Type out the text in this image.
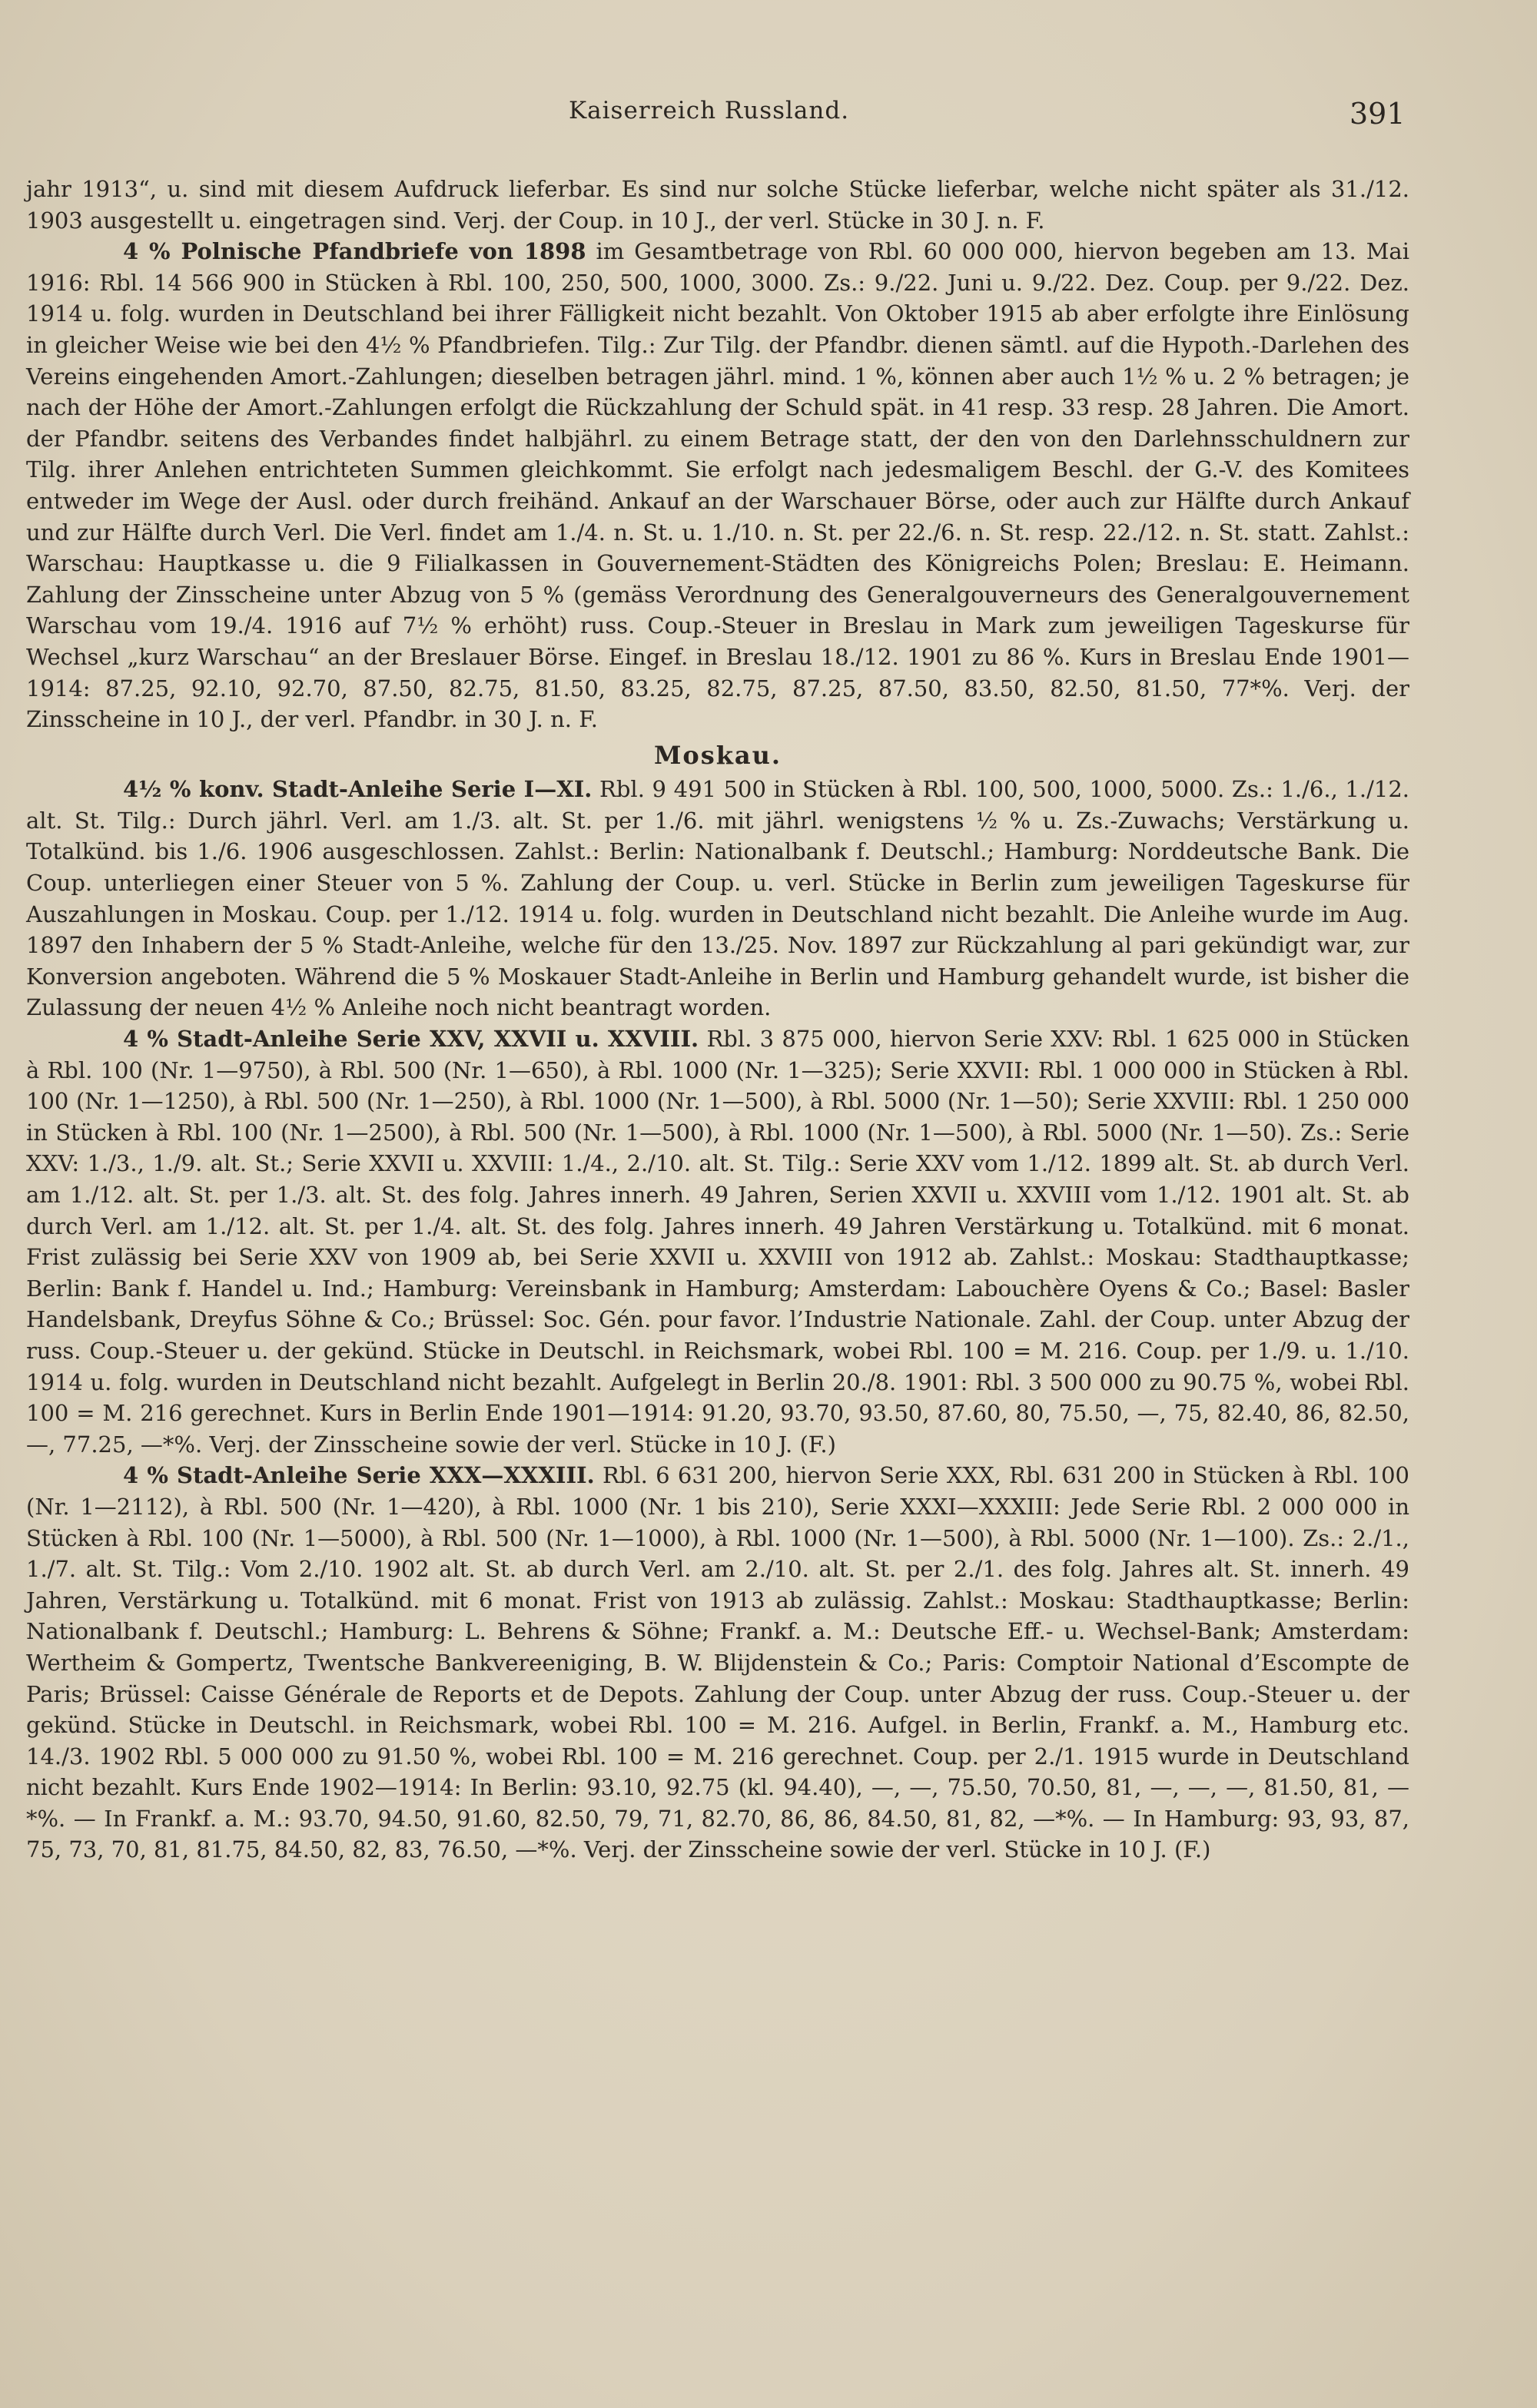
Kaiserreich Russland.	391

jahr 1913“, u. sind mit diesem Aufdruck lieferbar. Es sind nur solche Stücke lieferbar, welche nicht später als 31./12. 1903 ausgestellt u. eingetragen sind. Verj. der Coup. in 10 J., der verl. Stücke in 30 J. n. F.

4 % Polnische Pfandbriefe von 1898 im Gesamtbetrage von Rbl. 60 000 000, hiervon begeben am 13. Mai 1916: Rbl. 14 566 900 in Stücken à Rbl. 100, 250, 500, 1000, 3000. Zs.: 9./22. Juni u. 9./22. Dez. Coup. per 9./22. Dez. 1914 u. folg. wurden in Deutschland bei ihrer Fälligkeit nicht bezahlt. Von Oktober 1915 ab aber erfolgte ihre Einlösung in gleicher Weise wie bei den 4½ % Pfandbriefen. Tilg.: Zur Tilg. der Pfandbr. dienen sämtl. auf die Hypoth.-Darlehen des Vereins eingehenden Amort.-Zahlungen; dieselben betragen jährl. mind. 1 %, können aber auch 1½ % u. 2 % betragen; je nach der Höhe der Amort.-Zahlungen erfolgt die Rückzahlung der Schuld spät. in 41 resp. 33 resp. 28 Jahren. Die Amort. der Pfandbr. seitens des Verbandes findet halbjährl. zu einem Betrage statt, der den von den Darlehnsschuldnern zur Tilg. ihrer Anlehen entrichteten Summen gleichkommt. Sie erfolgt nach jedesmaligem Beschl. der G.-V. des Komitees entweder im Wege der Ausl. oder durch freihänd. Ankauf an der Warschauer Börse, oder auch zur Hälfte durch Ankauf und zur Hälfte durch Verl. Die Verl. findet am 1./4. n. St. u. 1./10. n. St. per 22./6. n. St. resp. 22./12. n. St. statt. Zahlst.: Warschau: Hauptkasse u. die 9 Filialkassen in Gouvernement-Städten des Königreichs Polen; Breslau: E. Heimann. Zahlung der Zinsscheine unter Abzug von 5 % (gemäss Verordnung des Generalgouverneurs des Generalgouvernement Warschau vom 19./4. 1916 auf 7½ % erhöht) russ. Coup.-Steuer in Breslau in Mark zum jeweiligen Tageskurse für Wechsel „kurz Warschau“ an der Breslauer Börse. Eingef. in Breslau 18./12. 1901 zu 86 %. Kurs in Breslau Ende 1901—1914: 87.25, 92.10, 92.70, 87.50, 82.75, 81.50, 83.25, 82.75, 87.25, 87.50, 83.50, 82.50, 81.50, 77*%. Verj. der Zinsscheine in 10 J., der verl. Pfandbr. in 30 J. n. F.

Moskau.

4½ % konv. Stadt-Anleihe Serie I—XI. Rbl. 9 491 500 in Stücken à Rbl. 100, 500, 1000, 5000. Zs.: 1./6., 1./12. alt. St. Tilg.: Durch jährl. Verl. am 1./3. alt. St. per 1./6. mit jährl. wenigstens ½ % u. Zs.-Zuwachs; Verstärkung u. Totalkünd. bis 1./6. 1906 ausgeschlossen. Zahlst.: Berlin: Nationalbank f. Deutschl.; Hamburg: Norddeutsche Bank. Die Coup. unterliegen einer Steuer von 5 %. Zahlung der Coup. u. verl. Stücke in Berlin zum jeweiligen Tageskurse für Auszahlungen in Moskau. Coup. per 1./12. 1914 u. folg. wurden in Deutschland nicht bezahlt. Die Anleihe wurde im Aug. 1897 den Inhabern der 5 % Stadt-Anleihe, welche für den 13./25. Nov. 1897 zur Rückzahlung al pari gekündigt war, zur Konversion angeboten. Während die 5 % Moskauer Stadt-Anleihe in Berlin und Hamburg gehandelt wurde, ist bisher die Zulassung der neuen 4½ % Anleihe noch nicht beantragt worden.

4 % Stadt-Anleihe Serie XXV, XXVII u. XXVIII. Rbl. 3 875 000, hiervon Serie XXV: Rbl. 1 625 000 in Stücken à Rbl. 100 (Nr. 1—9750), à Rbl. 500 (Nr. 1—650), à Rbl. 1000 (Nr. 1—325); Serie XXVII: Rbl. 1 000 000 in Stücken à Rbl. 100 (Nr. 1—1250), à Rbl. 500 (Nr. 1—250), à Rbl. 1000 (Nr. 1—500), à Rbl. 5000 (Nr. 1—50); Serie XXVIII: Rbl. 1 250 000 in Stücken à Rbl. 100 (Nr. 1—2500), à Rbl. 500 (Nr. 1—500), à Rbl. 1000 (Nr. 1—500), à Rbl. 5000 (Nr. 1—50). Zs.: Serie XXV: 1./3., 1./9. alt. St.; Serie XXVII u. XXVIII: 1./4., 2./10. alt. St. Tilg.: Serie XXV vom 1./12. 1899 alt. St. ab durch Verl. am 1./12. alt. St. per 1./3. alt. St. des folg. Jahres innerh. 49 Jahren, Serien XXVII u. XXVIII vom 1./12. 1901 alt. St. ab durch Verl. am 1./12. alt. St. per 1./4. alt. St. des folg. Jahres innerh. 49 Jahren Verstärkung u. Totalkünd. mit 6 monat. Frist zulässig bei Serie XXV von 1909 ab, bei Serie XXVII u. XXVIII von 1912 ab. Zahlst.: Moskau: Stadthauptkasse; Berlin: Bank f. Handel u. Ind.; Hamburg: Vereinsbank in Hamburg; Amsterdam: Labouchère Oyens & Co.; Basel: Basler Handelsbank, Dreyfus Söhne & Co.; Brüssel: Soc. Gén. pour favor. l’Industrie Nationale. Zahl. der Coup. unter Abzug der russ. Coup.-Steuer u. der gekünd. Stücke in Deutschl. in Reichsmark, wobei Rbl. 100 = M. 216. Coup. per 1./9. u. 1./10. 1914 u. folg. wurden in Deutschland nicht bezahlt. Aufgelegt in Berlin 20./8. 1901: Rbl. 3 500 000 zu 90.75 %, wobei Rbl. 100 = M. 216 gerechnet. Kurs in Berlin Ende 1901—1914: 91.20, 93.70, 93.50, 87.60, 80, 75.50, —, 75, 82.40, 86, 82.50, —, 77.25, —*%. Verj. der Zinsscheine sowie der verl. Stücke in 10 J. (F.)

4 % Stadt-Anleihe Serie XXX—XXXIII. Rbl. 6 631 200, hiervon Serie XXX, Rbl. 631 200 in Stücken à Rbl. 100 (Nr. 1—2112), à Rbl. 500 (Nr. 1—420), à Rbl. 1000 (Nr. 1 bis 210), Serie XXXI—XXXIII: Jede Serie Rbl. 2 000 000 in Stücken à Rbl. 100 (Nr. 1—5000), à Rbl. 500 (Nr. 1—1000), à Rbl. 1000 (Nr. 1—500), à Rbl. 5000 (Nr. 1—100). Zs.: 2./1., 1./7. alt. St. Tilg.: Vom 2./10. 1902 alt. St. ab durch Verl. am 2./10. alt. St. per 2./1. des folg. Jahres alt. St. innerh. 49 Jahren, Verstärkung u. Totalkünd. mit 6 monat. Frist von 1913 ab zulässig. Zahlst.: Moskau: Stadthauptkasse; Berlin: Nationalbank f. Deutschl.; Hamburg: L. Behrens & Söhne; Frankf. a. M.: Deutsche Eff.- u. Wechsel-Bank; Amsterdam: Wertheim & Gompertz, Twentsche Bankvereeniging, B. W. Blijdenstein & Co.; Paris: Comptoir National d’Escompte de Paris; Brüssel: Caisse Générale de Reports et de Depots. Zahlung der Coup. unter Abzug der russ. Coup.-Steuer u. der gekünd. Stücke in Deutschl. in Reichsmark, wobei Rbl. 100 = M. 216. Aufgel. in Berlin, Frankf. a. M., Hamburg etc. 14./3. 1902 Rbl. 5 000 000 zu 91.50 %, wobei Rbl. 100 = M. 216 gerechnet. Coup. per 2./1. 1915 wurde in Deutschland nicht bezahlt. Kurs Ende 1902—1914: In Berlin: 93.10, 92.75 (kl. 94.40), —, —, 75.50, 70.50, 81, —, —, —, 81.50, 81, —*%. — In Frankf. a. M.: 93.70, 94.50, 91.60, 82.50, 79, 71, 82.70, 86, 86, 84.50, 81, 82, —*%. — In Hamburg: 93, 93, 87, 75, 73, 70, 81, 81.75, 84.50, 82, 83, 76.50, —*%. Verj. der Zinsscheine sowie der verl. Stücke in 10 J. (F.)
